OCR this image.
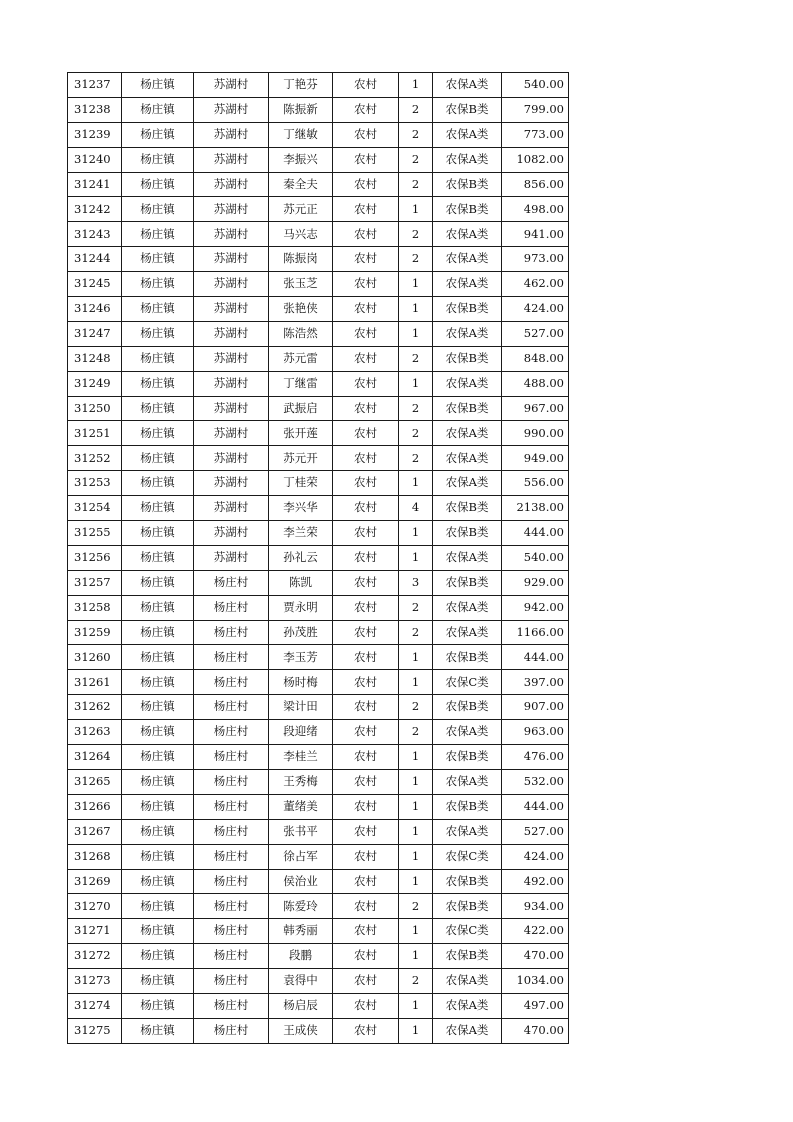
31237	杨庄镇	苏湖村	丁艳芬	农村	1	农保A类	540.00
31238	杨庄镇	苏湖村	陈振新	农村	2	农保B类	799.00
31239	杨庄镇	苏湖村	丁继敏	农村	2	农保A类	773.00
31240	杨庄镇	苏湖村	李振兴	农村	2	农保A类	1082.00
31241	杨庄镇	苏湖村	秦全夫	农村	2	农保B类	856.00
31242	杨庄镇	苏湖村	苏元正	农村	1	农保B类	498.00
31243	杨庄镇	苏湖村	马兴志	农村	2	农保A类	941.00
31244	杨庄镇	苏湖村	陈振岗	农村	2	农保A类	973.00
31245	杨庄镇	苏湖村	张玉芝	农村	1	农保A类	462.00
31246	杨庄镇	苏湖村	张艳侠	农村	1	农保B类	424.00
31247	杨庄镇	苏湖村	陈浩然	农村	1	农保A类	527.00
31248	杨庄镇	苏湖村	苏元雷	农村	2	农保B类	848.00
31249	杨庄镇	苏湖村	丁继雷	农村	1	农保A类	488.00
31250	杨庄镇	苏湖村	武振启	农村	2	农保B类	967.00
31251	杨庄镇	苏湖村	张开莲	农村	2	农保A类	990.00
31252	杨庄镇	苏湖村	苏元开	农村	2	农保A类	949.00
31253	杨庄镇	苏湖村	丁桂荣	农村	1	农保A类	556.00
31254	杨庄镇	苏湖村	李兴华	农村	4	农保B类	2138.00
31255	杨庄镇	苏湖村	李兰荣	农村	1	农保B类	444.00
31256	杨庄镇	苏湖村	孙礼云	农村	1	农保A类	540.00
31257	杨庄镇	杨庄村	陈凯	农村	3	农保B类	929.00
31258	杨庄镇	杨庄村	贾永明	农村	2	农保A类	942.00
31259	杨庄镇	杨庄村	孙茂胜	农村	2	农保A类	1166.00
31260	杨庄镇	杨庄村	李玉芳	农村	1	农保B类	444.00
31261	杨庄镇	杨庄村	杨时梅	农村	1	农保C类	397.00
31262	杨庄镇	杨庄村	梁计田	农村	2	农保B类	907.00
31263	杨庄镇	杨庄村	段迎绪	农村	2	农保A类	963.00
31264	杨庄镇	杨庄村	李桂兰	农村	1	农保B类	476.00
31265	杨庄镇	杨庄村	王秀梅	农村	1	农保A类	532.00
31266	杨庄镇	杨庄村	董绪美	农村	1	农保B类	444.00
31267	杨庄镇	杨庄村	张书平	农村	1	农保A类	527.00
31268	杨庄镇	杨庄村	徐占军	农村	1	农保C类	424.00
31269	杨庄镇	杨庄村	侯治业	农村	1	农保B类	492.00
31270	杨庄镇	杨庄村	陈爱玲	农村	2	农保B类	934.00
31271	杨庄镇	杨庄村	韩秀丽	农村	1	农保C类	422.00
31272	杨庄镇	杨庄村	段鹏	农村	1	农保B类	470.00
31273	杨庄镇	杨庄村	袁得中	农村	2	农保A类	1034.00
31274	杨庄镇	杨庄村	杨启辰	农村	1	农保A类	497.00
31275	杨庄镇	杨庄村	王成侠	农村	1	农保A类	470.00
